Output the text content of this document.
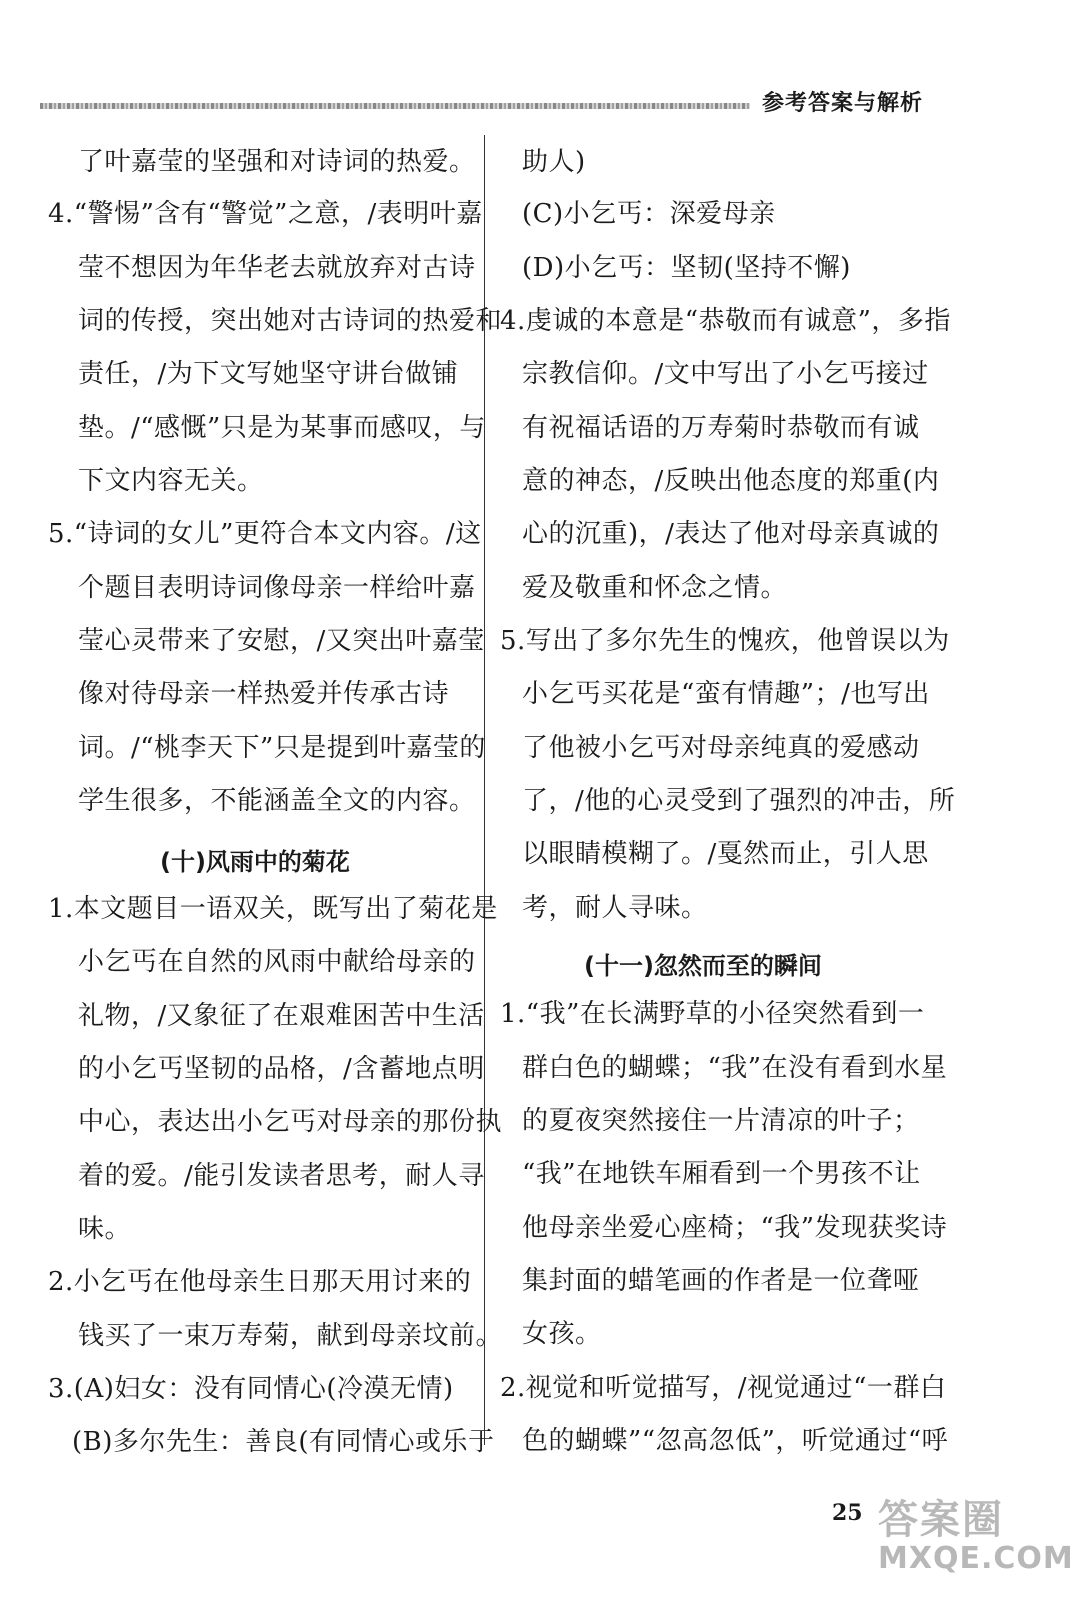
参考答案与解析
了叶嘉莹的坚强和对诗词的热爱。
4.“警惕”含有“警觉”之意，/表明叶嘉
莹不想因为年华老去就放弃对古诗
词的传授，突出她对古诗词的热爱和
责任，/为下文写她坚守讲台做铺
垫。/“感慨”只是为某事而感叹，与
下文内容无关。
5.“诗词的女儿”更符合本文内容。/这
个题目表明诗词像母亲一样给叶嘉
莹心灵带来了安慰，/又突出叶嘉莹
像对待母亲一样热爱并传承古诗
词。/“桃李天下”只是提到叶嘉莹的
学生很多，不能涵盖全文的内容。
(十)风雨中的菊花
1.本文题目一语双关，既写出了菊花是
小乞丐在自然的风雨中献给母亲的
礼物，/又象征了在艰难困苦中生活
的小乞丐坚韧的品格，/含蓄地点明
中心，表达出小乞丐对母亲的那份执
着的爱。/能引发读者思考，耐人寻
味。
2.小乞丐在他母亲生日那天用讨来的
钱买了一束万寿菊，献到母亲坟前。
3.(A)妇女：没有同情心(冷漠无情)
(B)多尔先生：善良(有同情心或乐于
助人)
(C)小乞丐：深爱母亲
(D)小乞丐：坚韧(坚持不懈)
4.虔诚的本意是“恭敬而有诚意”，多指
宗教信仰。/文中写出了小乞丐接过
有祝福话语的万寿菊时恭敬而有诚
意的神态，/反映出他态度的郑重(内
心的沉重)，/表达了他对母亲真诚的
爱及敬重和怀念之情。
5.写出了多尔先生的愧疚，他曾误以为
小乞丐买花是“蛮有情趣”；/也写出
了他被小乞丐对母亲纯真的爱感动
了，/他的心灵受到了强烈的冲击，所
以眼睛模糊了。/戛然而止，引人思
考，耐人寻味。
(十一)忽然而至的瞬间
1.“我”在长满野草的小径突然看到一
群白色的蝴蝶；“我”在没有看到水星
的夏夜突然接住一片清凉的叶子；
“我”在地铁车厢看到一个男孩不让
他母亲坐爱心座椅；“我”发现获奖诗
集封面的蜡笔画的作者是一位聋哑
女孩。
2.视觉和听觉描写，/视觉通过“一群白
色的蝴蝶”“忽高忽低”，听觉通过“呼
25 答案圈
MXQE.COM
